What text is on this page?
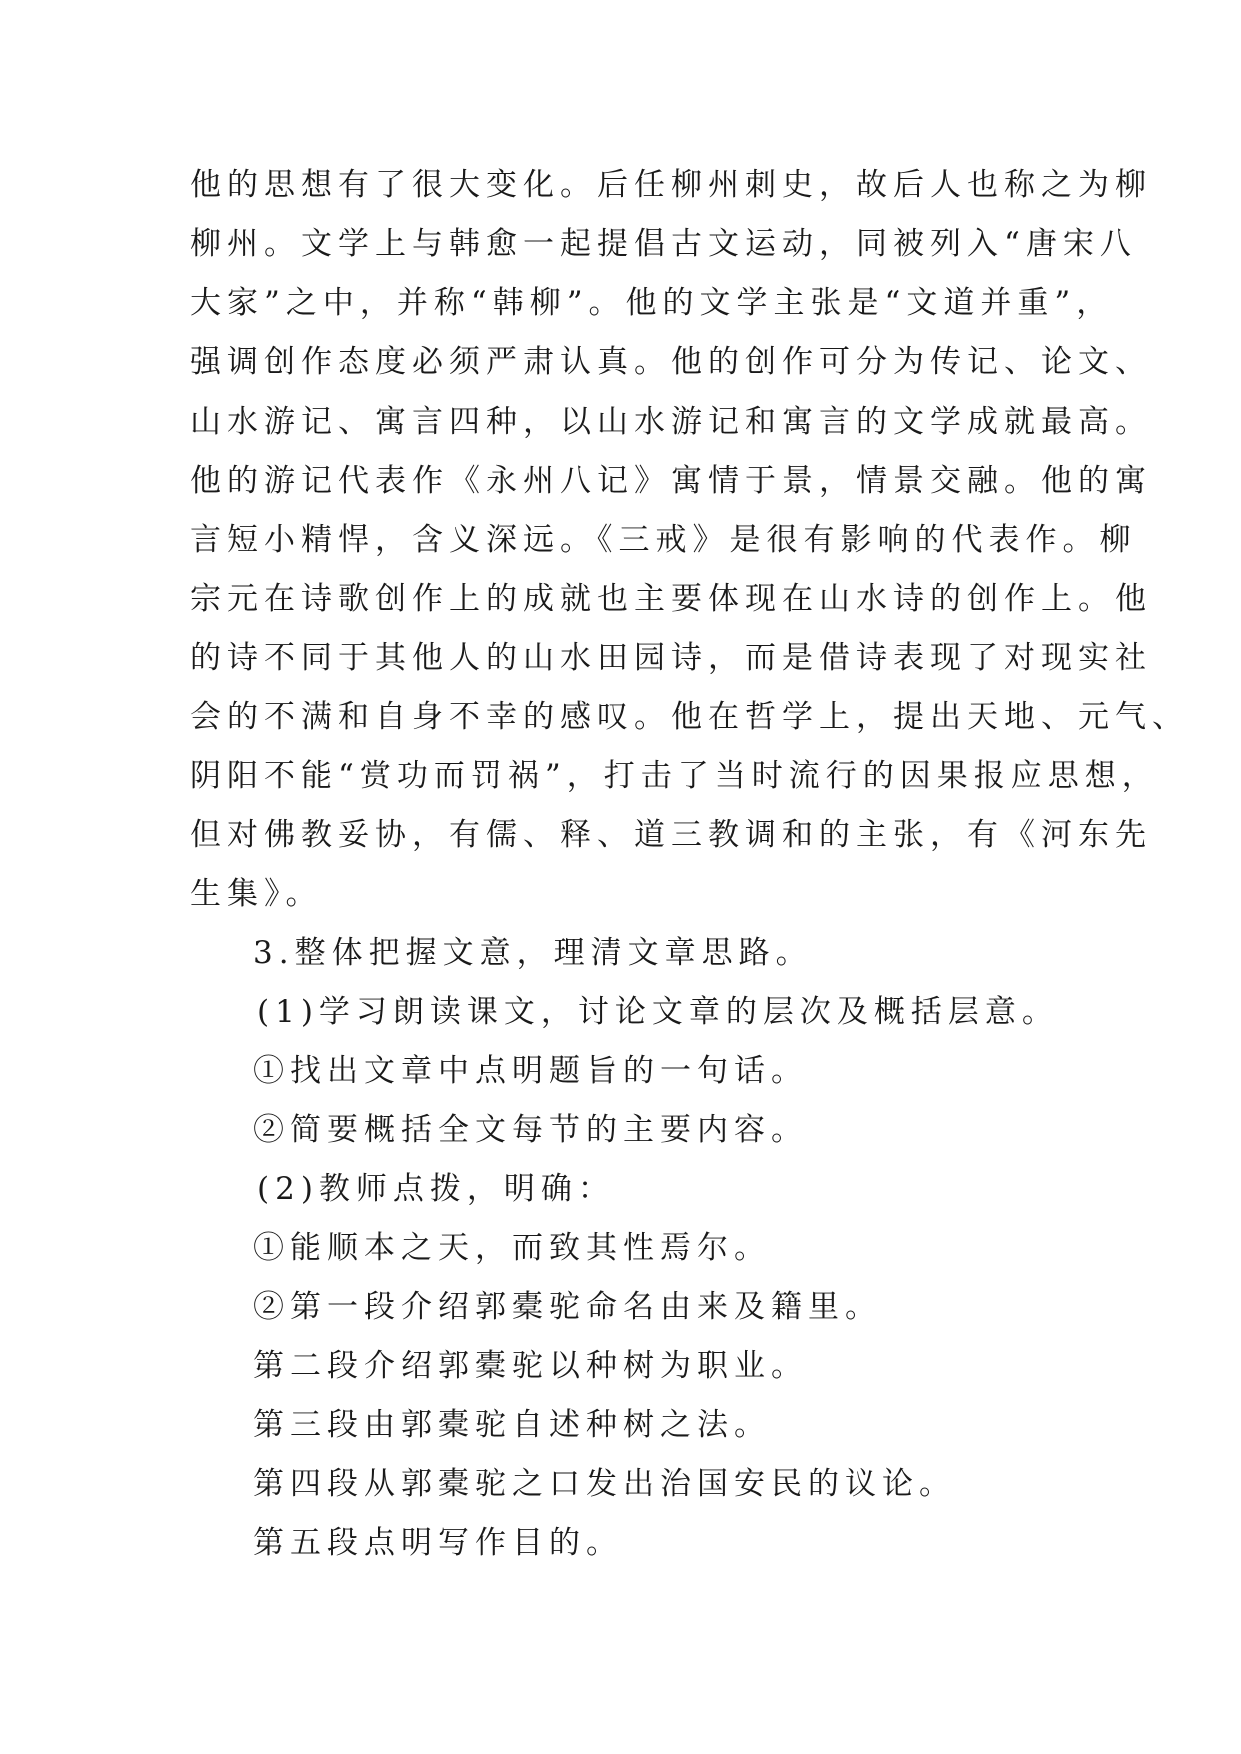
他的思想有了很大变化。后任柳州刺史，故后人也称之为柳
柳州。文学上与韩愈一起提倡古文运动，同被列入“唐宋八
大家”之中，并称“韩柳”。他的文学主张是“文道并重”，
强调创作态度必须严肃认真。他的创作可分为传记、论文、
山水游记、寓言四种，以山水游记和寓言的文学成就最高。
他的游记代表作《永州八记》寓情于景，情景交融。他的寓
言短小精悍，含义深远。《三戒》是很有影响的代表作。柳
宗元在诗歌创作上的成就也主要体现在山水诗的创作上。他
的诗不同于其他人的山水田园诗，而是借诗表现了对现实社
会的不满和自身不幸的感叹。他在哲学上，提出天地、元气、
阴阳不能“赏功而罚祸”，打击了当时流行的因果报应思想，
但对佛教妥协，有儒、释、道三教调和的主张，有《河东先
生集》。
3.整体把握文意，理清文章思路。
(1)学习朗读课文，讨论文章的层次及概括层意。
①找出文章中点明题旨的一句话。
②简要概括全文每节的主要内容。
(2)教师点拨，明确：
①能顺本之天，而致其性焉尔。
②第一段介绍郭橐驼命名由来及籍里。
第二段介绍郭橐驼以种树为职业。
第三段由郭橐驼自述种树之法。
第四段从郭橐驼之口发出治国安民的议论。
第五段点明写作目的。
